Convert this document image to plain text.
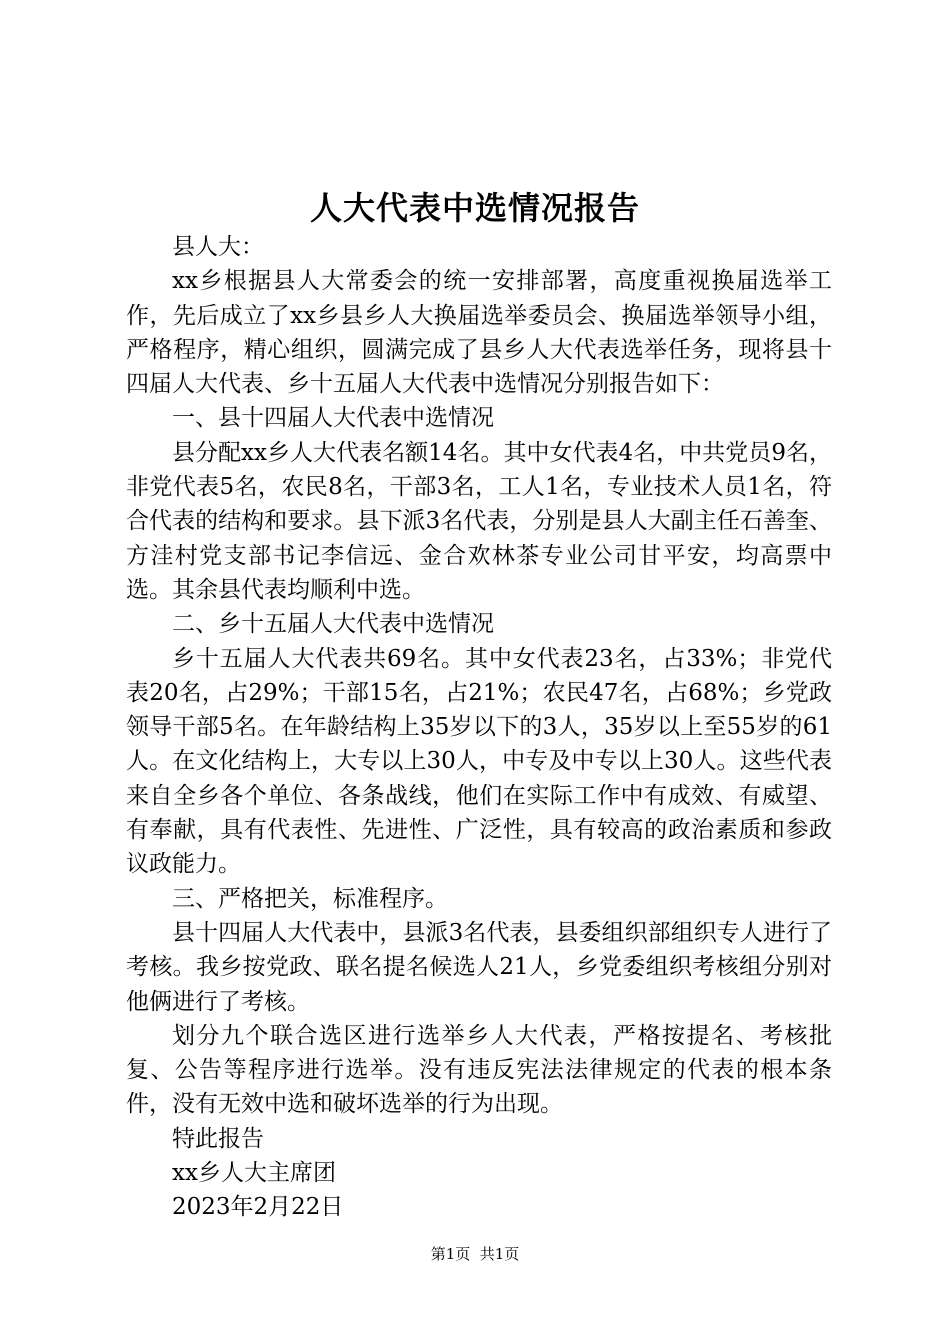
人大代表中选情况报告

县人大：

xx乡根据县人大常委会的统一安排部署，高度重视换届选举工作，先后成立了xx乡县乡人大换届选举委员会、换届选举领导小组，严格程序，精心组织，圆满完成了县乡人大代表选举任务，现将县十四届人大代表、乡十五届人大代表中选情况分别报告如下：

一、县十四届人大代表中选情况

县分配xx乡人大代表名额14名。其中女代表4名，中共党员9名，非党代表5名，农民8名，干部3名，工人1名，专业技术人员1名，符合代表的结构和要求。县下派3名代表，分别是县人大副主任石善奎、方洼村党支部书记李信远、金合欢林茶专业公司甘平安，均高票中选。其余县代表均顺利中选。

二、乡十五届人大代表中选情况

乡十五届人大代表共69名。其中女代表23名，占33%；非党代表20名，占29%；干部15名，占21%；农民47名，占68%；乡党政领导干部5名。在年龄结构上35岁以下的3人，35岁以上至55岁的61人。在文化结构上，大专以上30人，中专及中专以上30人。这些代表来自全乡各个单位、各条战线，他们在实际工作中有成效、有威望、有奉献，具有代表性、先进性、广泛性，具有较高的政治素质和参政议政能力。

三、严格把关，标准程序。

县十四届人大代表中，县派3名代表，县委组织部组织专人进行了考核。我乡按党政、联名提名候选人21人，乡党委组织考核组分别对他俩进行了考核。

划分九个联合选区进行选举乡人大代表，严格按提名、考核批复、公告等程序进行选举。没有违反宪法法律规定的代表的根本条件，没有无效中选和破坏选举的行为出现。

特此报告

xx乡人大主席团

2023年2月22日

第1页  共1页
